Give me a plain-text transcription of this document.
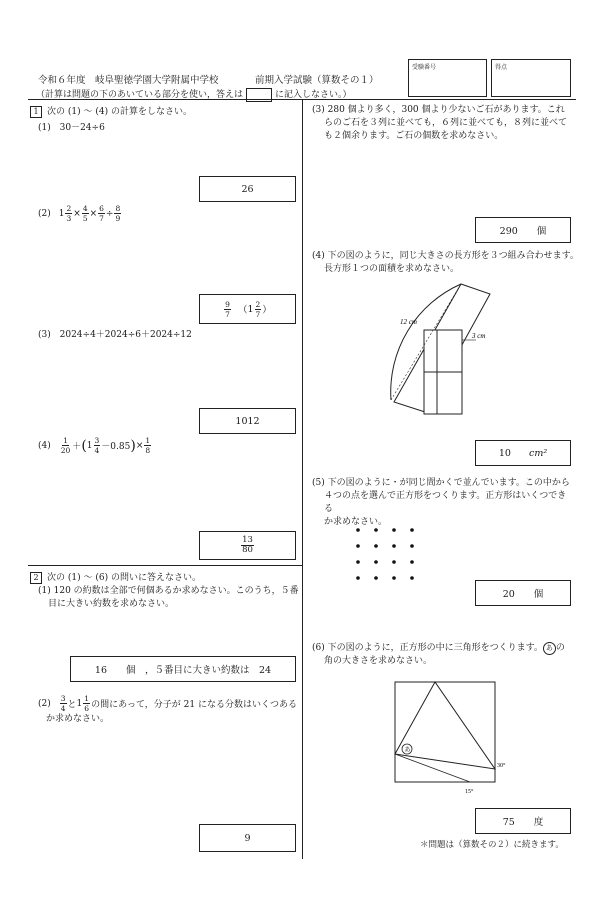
令和６年度　岐阜聖徳学園大学附属中学校	前期入学試験（算数その１）
（計算は問題の下のあいている部分を使い，答えは	に記入しなさい。）
受験番号	得点
1 次の (1) ～ (4) の計算をしなさい。
(1) 30－24÷6
26
(2) $1 \frac{2}{3} \times \frac{4}{5} \times \frac{6}{7} \div \frac{8}{9}$
$\frac{9}{7}$ （ $1 \frac{2}{7}$ ）
(3) 2024÷4＋2024÷6＋2024÷12
1012
$(4) \frac{1}{20}$ ＋ ( $1 \frac{3}{4} -0.85$ ) × $\frac{1}{8}$
$\frac{13}{80}$
2 次の (1) ～ (6) の問いに答えなさい。
(1) 120 の約数は全部で何個あるか求めなさい。このうち，５番
目に大きい約数を求めなさい。
16　　個　，５番目に大きい約数は　24
$(2) \frac{3}{4}$ と $1 \frac{1}{6}$ の間にあって，分子が 21 になる分数はいくつある
か求めなさい。
9
(3) 280 個より多く，300 個より少ないご石があります。これ
らのご石を３列に並べても，６列に並べても，８列に並べて
も２個余ります。ご石の個数を求めなさい。
290　　個
(4) 下の図のように，同じ大きさの長方形を３つ組み合わせます。
長方形１つの面積を求めなさい。
12 cm
3 cm
10 cm²
(5) 下の図のように・が同じ間かくで並んでいます。この中から
４つの点を選んで正方形をつくります。正方形はいくつできる
か求めなさい。
20　　個
(6) 下の図のように，正方形の中に三角形をつくります。 あ の
角の大きさを求めなさい。
あ
30°
15°
75　　度
＊問題は（算数その２）に続きます。
